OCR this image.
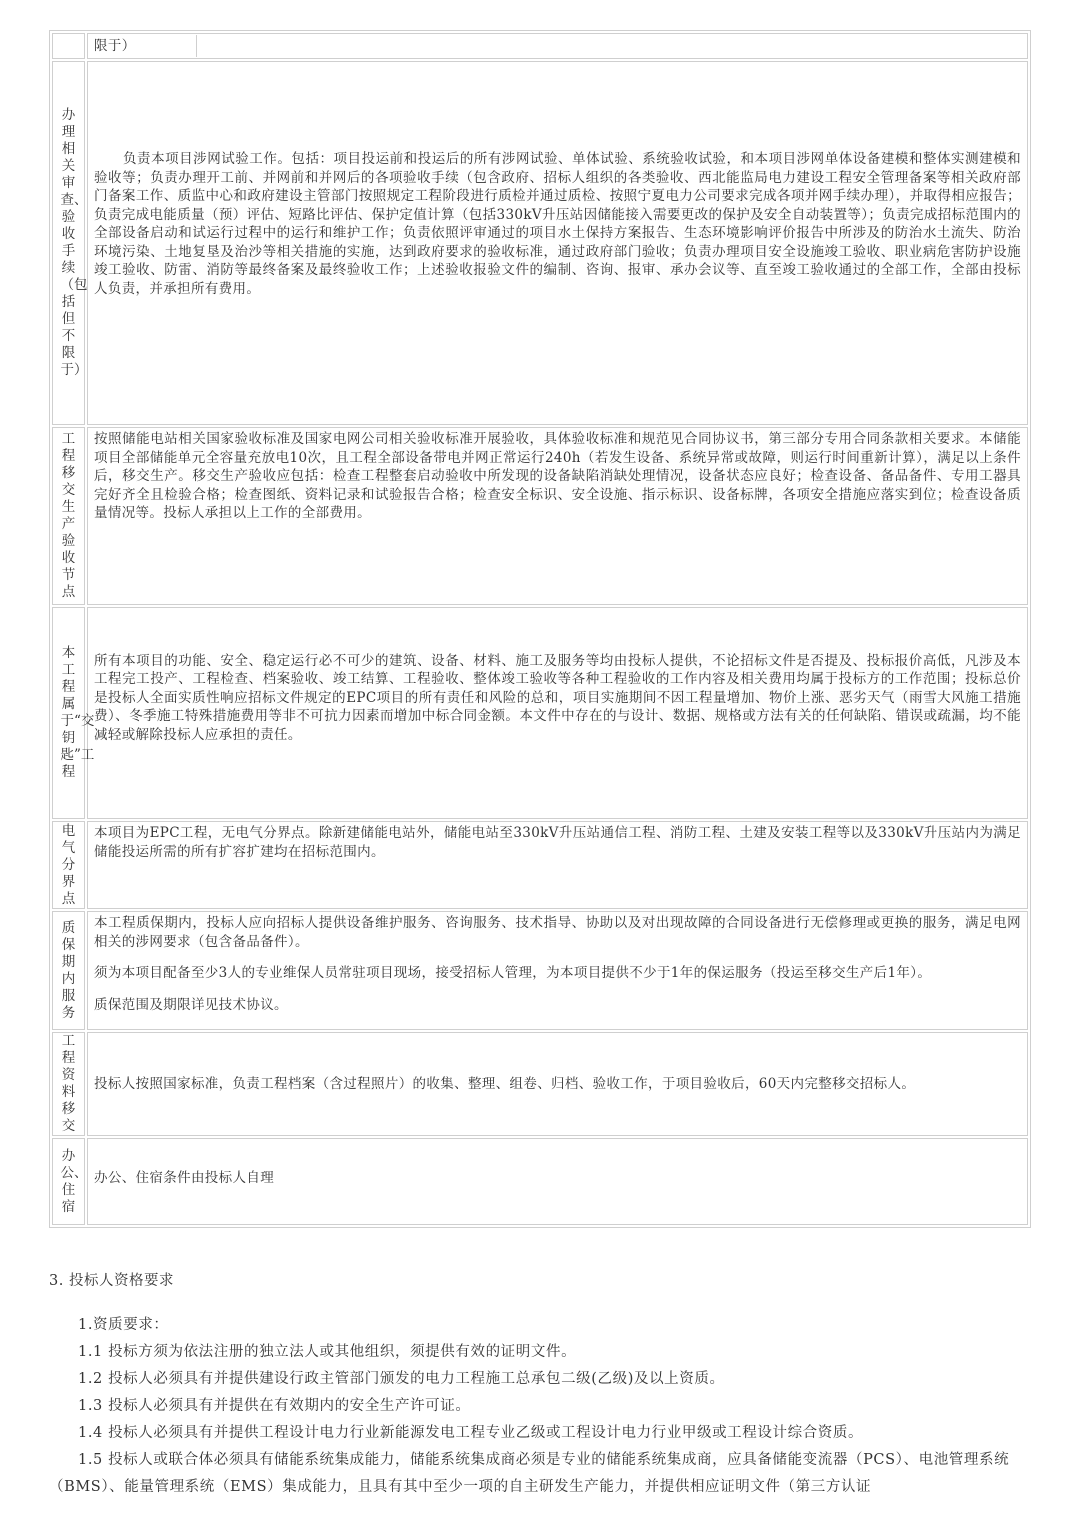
	限于）

办理相关审查、验收手续（包括但不限于）	负责本项目涉网试验工作。包括：项目投运前和投运后的所有涉网试验、单体试验、系统验收试验，和本项目涉网单体设备建模和整体实测建模和验收等；负责办理开工前、并网前和并网后的各项验收手续（包含政府、招标人组织的各类验收、西北能监局电力建设工程安全管理备案等相关政府部门备案工作、质监中心和政府建设主管部门按照规定工程阶段进行质检并通过质检、按照宁夏电力公司要求完成各项并网手续办理），并取得相应报告；负责完成电能质量（预）评估、短路比评估、保护定值计算（包括330kV升压站因储能接入需要更改的保护及安全自动装置等）；负责完成招标范围内的全部设备启动和试运行过程中的运行和维护工作；负责依照评审通过的项目水土保持方案报告、生态环境影响评价报告中所涉及的防治水土流失、防治环境污染、土地复垦及治沙等相关措施的实施，达到政府要求的验收标准，通过政府部门验收；负责办理项目安全设施竣工验收、职业病危害防护设施竣工验收、防雷、消防等最终备案及最终验收工作；上述验收报验文件的编制、咨询、报审、承办会议等、直至竣工验收通过的全部工作，全部由投标人负责，并承担所有费用。

工程移交生产验收节点	按照储能电站相关国家验收标准及国家电网公司相关验收标准开展验收，具体验收标准和规范见合同协议书，第三部分专用合同条款相关要求。本储能项目全部储能单元全容量充放电10次，且工程全部设备带电并网正常运行240h（若发生设备、系统异常或故障，则运行时间重新计算），满足以上条件后，移交生产。移交生产验收应包括：检查工程整套启动验收中所发现的设备缺陷消缺处理情况，设备状态应良好；检查设备、备品备件、专用工器具完好齐全且检验合格；检查图纸、资料记录和试验报告合格；检查安全标识、安全设施、指示标识、设备标牌，各项安全措施应落实到位；检查设备质量情况等。投标人承担以上工作的全部费用。

本工程属于“交钥匙”工程	所有本项目的功能、安全、稳定运行必不可少的建筑、设备、材料、施工及服务等均由投标人提供，不论招标文件是否提及、投标报价高低，凡涉及本工程完工投产、工程检查、档案验收、竣工结算、工程验收、整体竣工验收等各种工程验收的工作内容及相关费用均属于投标方的工作范围；投标总价是投标人全面实质性响应招标文件规定的EPC项目的所有责任和风险的总和，项目实施期间不因工程量增加、物价上涨、恶劣天气（雨雪大风施工措施费）、冬季施工特殊措施费用等非不可抗力因素而增加中标合同金额。本文件中存在的与设计、数据、规格或方法有关的任何缺陷、错误或疏漏，均不能减轻或解除投标人应承担的责任。

电气分界点	本项目为EPC工程，无电气分界点。除新建储能电站外，储能电站至330kV升压站通信工程、消防工程、土建及安装工程等以及330kV升压站内为满足储能投运所需的所有扩容扩建均在招标范围内。

质保期内服务	本工程质保期内，投标人应向招标人提供设备维护服务、咨询服务、技术指导、协助以及对出现故障的合同设备进行无偿修理或更换的服务，满足电网相关的涉网要求（包含备品备件）。

须为本项目配备至少3人的专业维保人员常驻项目现场，接受招标人管理，为本项目提供不少于1年的保运服务（投运至移交生产后1年）。

质保范围及期限详见技术协议。

工程资料移交	投标人按照国家标准，负责工程档案（含过程照片）的收集、整理、组卷、归档、验收工作，于项目验收后，60天内完整移交招标人。

办公、住宿	办公、住宿条件由投标人自理

3. 投标人资格要求

1.资质要求：

1.1 投标方须为依法注册的独立法人或其他组织，须提供有效的证明文件。

1.2 投标人必须具有并提供建设行政主管部门颁发的电力工程施工总承包二级(乙级)及以上资质。

1.3 投标人必须具有并提供在有效期内的安全生产许可证。

1.4 投标人必须具有并提供工程设计电力行业新能源发电工程专业乙级或工程设计电力行业甲级或工程设计综合资质。

1.5 投标人或联合体必须具有储能系统集成能力，储能系统集成商必须是专业的储能系统集成商，应具备储能变流器（PCS）、电池管理系统（BMS）、能量管理系统（EMS）集成能力，且具有其中至少一项的自主研发生产能力，并提供相应证明文件（第三方认证
